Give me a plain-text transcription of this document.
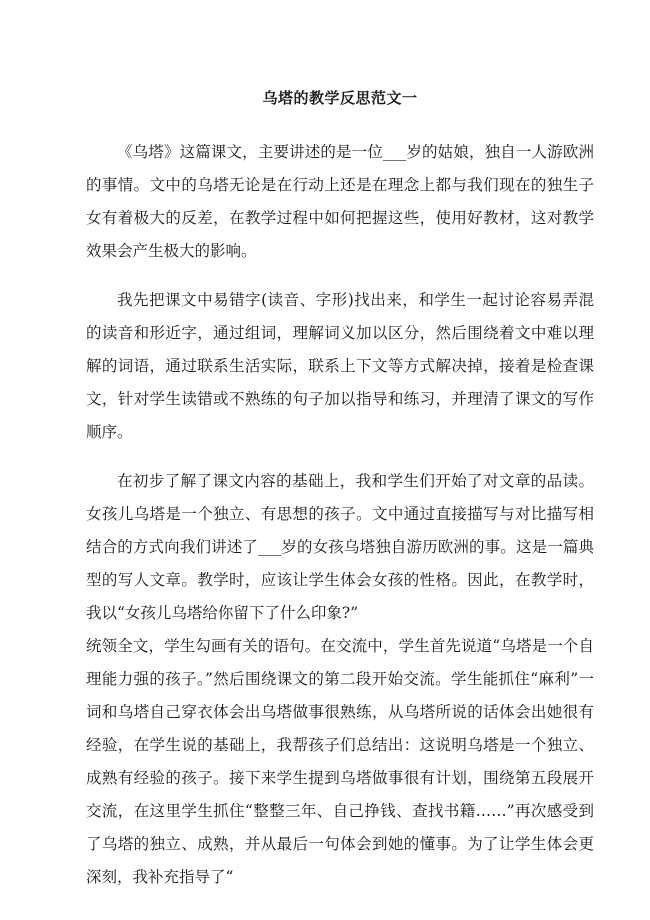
乌塔的教学反思范文一

《乌塔》这篇课文，主要讲述的是一位___岁的姑娘，独自一人游欧洲的事情。文中的乌塔无论是在行动上还是在理念上都与我们现在的独生子女有着极大的反差，在教学过程中如何把握这些，使用好教材，这对教学效果会产生极大的影响。

我先把课文中易错字(读音、字形)找出来，和学生一起讨论容易弄混的读音和形近字，通过组词，理解词义加以区分，然后围绕着文中难以理解的词语，通过联系生活实际，联系上下文等方式解决掉，接着是检查课文，针对学生读错或不熟练的句子加以指导和练习，并理清了课文的写作顺序。

在初步了解了课文内容的基础上，我和学生们开始了对文章的品读。女孩儿乌塔是一个独立、有思想的孩子。文中通过直接描写与对比描写相结合的方式向我们讲述了___岁的女孩乌塔独自游历欧洲的事。这是一篇典型的写人文章。教学时，应该让学生体会女孩的性格。因此，在教学时，我以“女孩儿乌塔给你留下了什么印象?”

统领全文，学生勾画有关的语句。在交流中，学生首先说道“乌塔是一个自理能力强的孩子。”然后围绕课文的第二段开始交流。学生能抓住“麻利”一词和乌塔自己穿衣体会出乌塔做事很熟练，从乌塔所说的话体会出她很有经验，在学生说的基础上，我帮孩子们总结出：这说明乌塔是一个独立、成熟有经验的孩子。接下来学生提到乌塔做事很有计划，围绕第五段展开交流，在这里学生抓住“整整三年、自己挣钱、查找书籍……”再次感受到了乌塔的独立、成熟，并从最后一句体会到她的懂事。为了让学生体会更深刻，我补充指导了“
